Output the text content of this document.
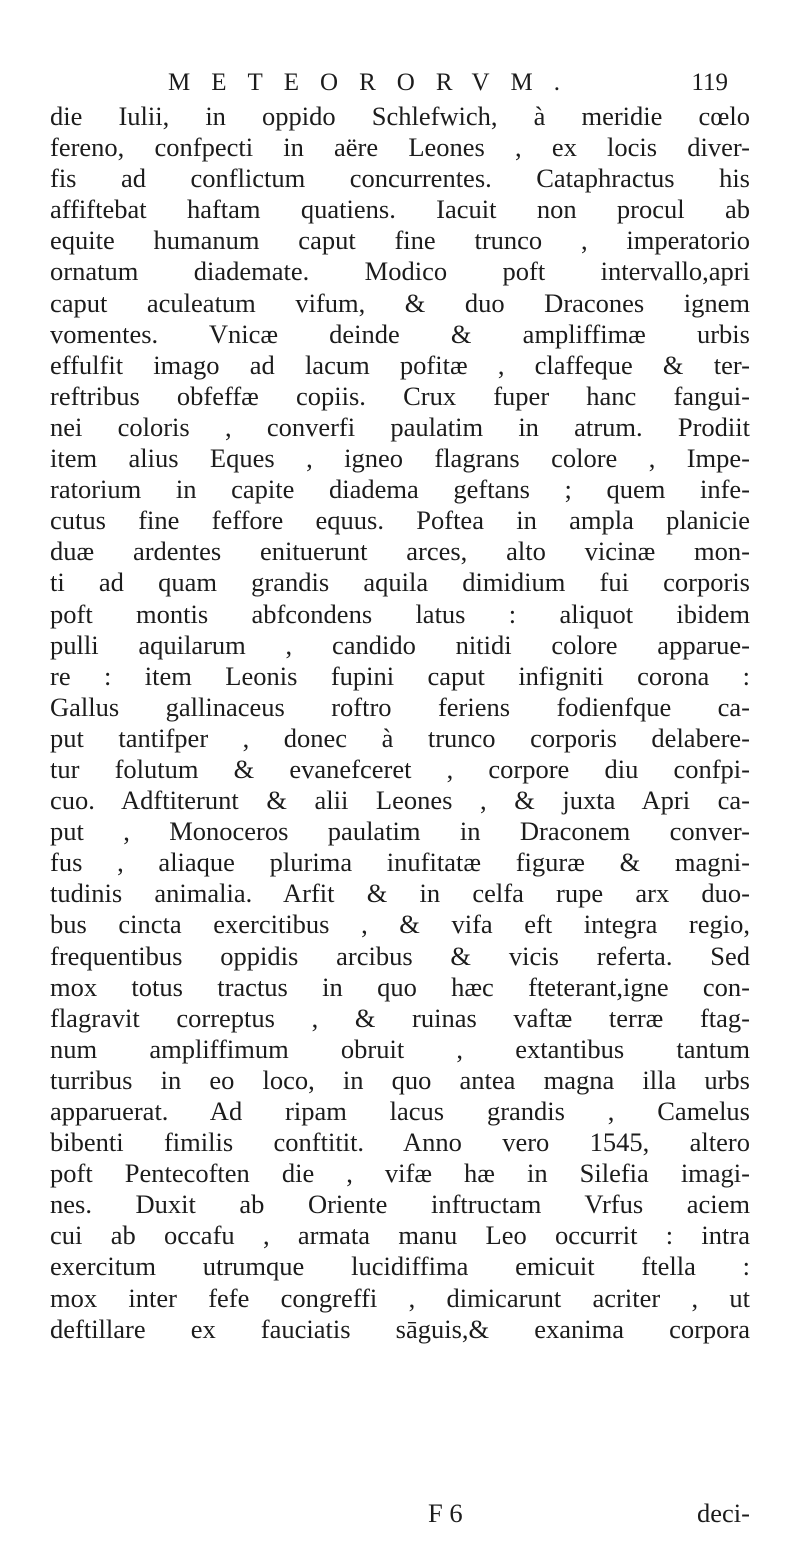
METEORORVM.	119
die Iulii, in oppido Schlefwich, à meridie cœlo
fereno, confpecti in aëre Leones , ex locis diver-
fis ad conflictum concurrentes. Cataphractus his
affiftebat haftam quatiens. Iacuit non procul ab
equite humanum caput fine trunco , imperatorio
ornatum diademate. Modico poft intervallo,apri
caput aculeatum vifum, & duo Dracones ignem
vomentes. Vnicæ deinde & ampliffimæ urbis
effulfit imago ad lacum pofitæ , claffeque & ter-
reftribus obfeffæ copiis. Crux fuper hanc fangui-
nei coloris , converfi paulatim in atrum. Prodiit
item alius Eques , igneo flagrans colore , Impe-
ratorium in capite diadema geftans ; quem infe-
cutus fine feffore equus. Poftea in ampla planicie
duæ ardentes enituerunt arces, alto vicinæ mon-
ti ad quam grandis aquila dimidium fui corporis
poft montis abfcondens latus : aliquot ibidem
pulli aquilarum , candido nitidi colore apparue-
re : item Leonis fupini caput infigniti corona :
Gallus gallinaceus roftro feriens fodienfque ca-
put tantifper , donec à trunco corporis delabere-
tur folutum & evanefceret , corpore diu confpi-
cuo. Adftiterunt & alii Leones , & juxta Apri ca-
put , Monoceros paulatim in Draconem conver-
fus , aliaque plurima inufitatæ figuræ & magni-
tudinis animalia. Arfit & in celfa rupe arx duo-
bus cincta exercitibus , & vifa eft integra regio,
frequentibus oppidis arcibus & vicis referta. Sed
mox totus tractus in quo hæc fteterant,igne con-
flagravit correptus , & ruinas vaftæ terræ ftag-
num ampliffimum obruit , extantibus tantum
turribus in eo loco, in quo antea magna illa urbs
apparuerat. Ad ripam lacus grandis , Camelus
bibenti fimilis conftitit. Anno vero 1545, altero
poft Pentecoften die , vifæ hæ in Silefia imagi-
nes. Duxit ab Oriente inftructam Vrfus aciem
cui ab occafu , armata manu Leo occurrit : intra
exercitum utrumque lucidiffima emicuit ftella :
mox inter fefe congreffi , dimicarunt acriter , ut
deftillare ex fauciatis sāguis,& exanima corpora
F 6	deci-
